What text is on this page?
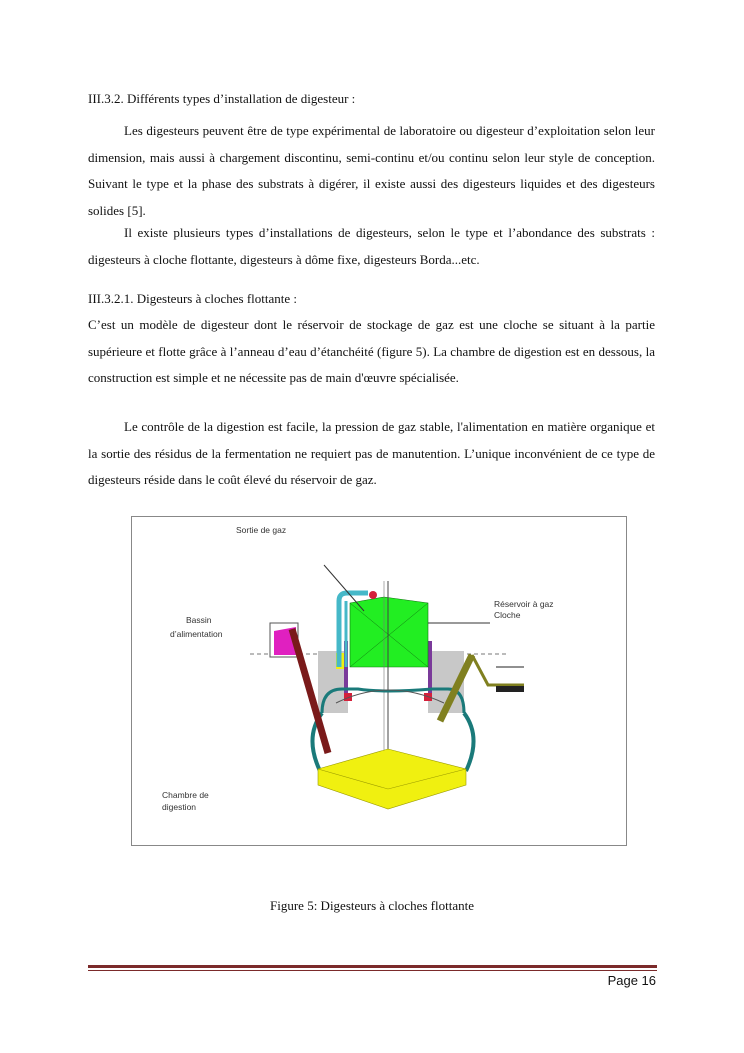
III.3.2. Différents types d’installation de digesteur :
Les digesteurs peuvent être de type expérimental de laboratoire ou digesteur d’exploitation selon leur dimension, mais aussi à chargement discontinu, semi-continu et/ou continu selon leur style de conception. Suivant le type et la phase des substrats à digérer, il existe aussi des digesteurs liquides et des digesteurs solides [5].
Il existe plusieurs types d’installations de digesteurs, selon le type et l’abondance des substrats : digesteurs à cloche flottante, digesteurs à dôme fixe, digesteurs Borda...etc.
III.3.2.1. Digesteurs à cloches flottante :
C’est un modèle de digesteur dont le réservoir de stockage de gaz est une cloche se situant à la partie supérieure et flotte grâce à l’anneau d’eau d’étanchéité (figure 5). La chambre de digestion est en dessous, la construction est simple et ne nécessite pas de main d'œuvre spécialisée.
Le contrôle de la digestion est facile, la pression de gaz stable, l'alimentation en matière organique et la sortie des résidus de la fermentation ne requiert pas de manutention. L’unique inconvénient de ce type de digesteurs réside dans le coût élevé du réservoir de gaz.
Sortie de gaz
Bassin
d’alimentation
Réservoir à gaz
Cloche
Chambre de
digestion
Figure 5: Digesteurs à cloches flottante
Page 16
